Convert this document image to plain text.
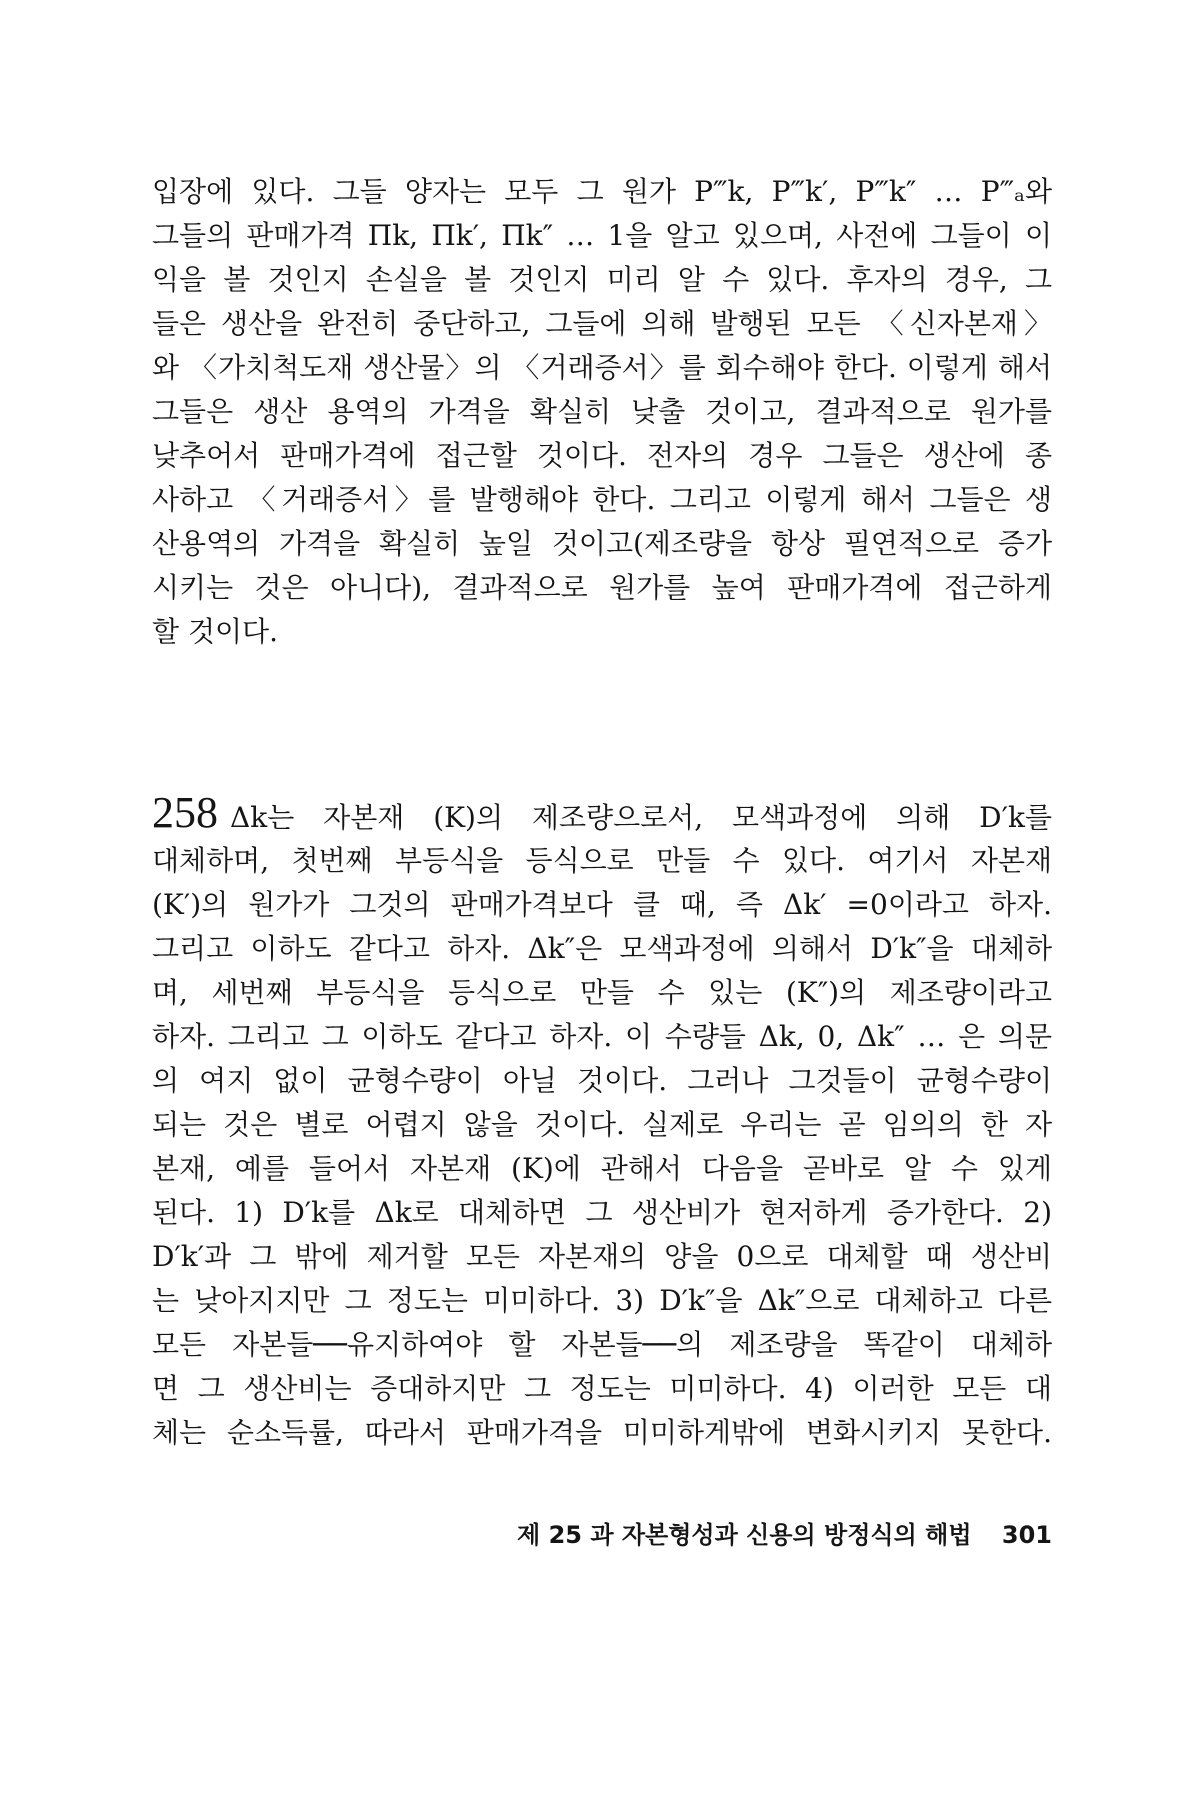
입장에 있다. 그들 양자는 모두 그 원가 P‴k, P‴k′, P‴k″ … P‴ₐ와
그들의 판매가격 Πk, Πk′, Πk″ … 1을 알고 있으며, 사전에 그들이 이
익을 볼 것인지 손실을 볼 것인지 미리 알 수 있다. 후자의 경우, 그
들은 생산을 완전히 중단하고, 그들에 의해 발행된 모든 〈신자본재〉
와 〈가치척도재 생산물〉의 〈거래증서〉를 회수해야 한다. 이렇게 해서
그들은 생산 용역의 가격을 확실히 낮출 것이고, 결과적으로 원가를
낮추어서 판매가격에 접근할 것이다. 전자의 경우 그들은 생산에 종
사하고 〈거래증서〉를 발행해야 한다. 그리고 이렇게 해서 그들은 생
산용역의 가격을 확실히 높일 것이고(제조량을 항상 필연적으로 증가
시키는 것은 아니다), 결과적으로 원가를 높여 판매가격에 접근하게
할 것이다.
258 Δk는 자본재 (K)의 제조량으로서, 모색과정에 의해 D′k를
대체하며, 첫번째 부등식을 등식으로 만들 수 있다. 여기서 자본재
(K′)의 원가가 그것의 판매가격보다 클 때, 즉 Δk′ =0이라고 하자.
그리고 이하도 같다고 하자. Δk″은 모색과정에 의해서 D′k″을 대체하
며, 세번째 부등식을 등식으로 만들 수 있는 (K″)의 제조량이라고
하자. 그리고 그 이하도 같다고 하자. 이 수량들 Δk, 0, Δk″ … 은 의문
의 여지 없이 균형수량이 아닐 것이다. 그러나 그것들이 균형수량이
되는 것은 별로 어렵지 않을 것이다. 실제로 우리는 곧 임의의 한 자
본재, 예를 들어서 자본재 (K)에 관해서 다음을 곧바로 알 수 있게
된다. 1) D′k를 Δk로 대체하면 그 생산비가 현저하게 증가한다. 2)
D′k′과 그 밖에 제거할 모든 자본재의 양을 0으로 대체할 때 생산비
는 낮아지지만 그 정도는 미미하다. 3) D′k″을 Δk″으로 대체하고 다른
모든 자본들──유지하여야 할 자본들──의 제조량을 똑같이 대체하
면 그 생산비는 증대하지만 그 정도는 미미하다. 4) 이러한 모든 대
체는 순소득률, 따라서 판매가격을 미미하게밖에 변화시키지 못한다.
제 25 과 자본형성과 신용의 방정식의 해법 301
